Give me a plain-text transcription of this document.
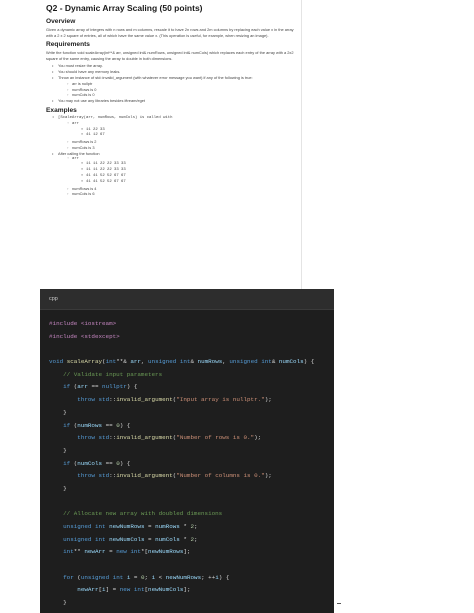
Q2 - Dynamic Array Scaling (50 points)
Overview

Given a dynamic array of integers with n rows and m columns, rescale it to have 2n rows and 2m columns by replacing each value x in the array with a 2 x 2 square of entries, all of which have the same value x. (This operation is useful, for example, when resizing an image).

Requirements

Write the function void scaleArray(int**& arr, unsigned int& numRows, unsigned int& numCols) which replaces each entry of the array with a 2x2 square of the same entry, causing the array to double in both dimensions.

• You must resize the array.
• You should have any memory leaks.
• Throw an instance of std::invalid_argument (with whatever error message you want) if any of the following is true:
◦ arr is nullptr
◦ numRows is 0
◦ numCols is 0
• You may not use any libraries besides iftream/eget
Examples
• [ScaleArray(arr, numRows, numCols) is called with
◦ arr
▪ 11 22 33
▪ 41 12 67
◦ numRows is 2
◦ numCols is 3
• After calling the function
◦ arr
▪ 11 11 22 22 33 33
▪ 11 11 22 22 33 33
▪ 41 41 52 52 67 67
▪ 41 41 52 52 67 67
◦ numRows is 4
◦ numCols is 6
cpp
#include <iostream>
#include <stdexcept>

void scaleArray(int**& arr, unsigned int& numRows, unsigned int& numCols) {
// Validate input parameters
if (arr == nullptr) {
throw std::invalid_argument("Input array is nullptr.");
}
if (numRows == 0) {
throw std::invalid_argument("Number of rows is 0.");
}
if (numCols == 0) {
throw std::invalid_argument("Number of columns is 0.");
}

// Allocate new array with doubled dimensions
unsigned int newNumRows = numRows * 2;
unsigned int newNumCols = numCols * 2;
int** newArr = new int*[newNumRows];

for (unsigned int i = 0; i < newNumRows; ++i) {
newArr[i] = new int[newNumCols];
}
